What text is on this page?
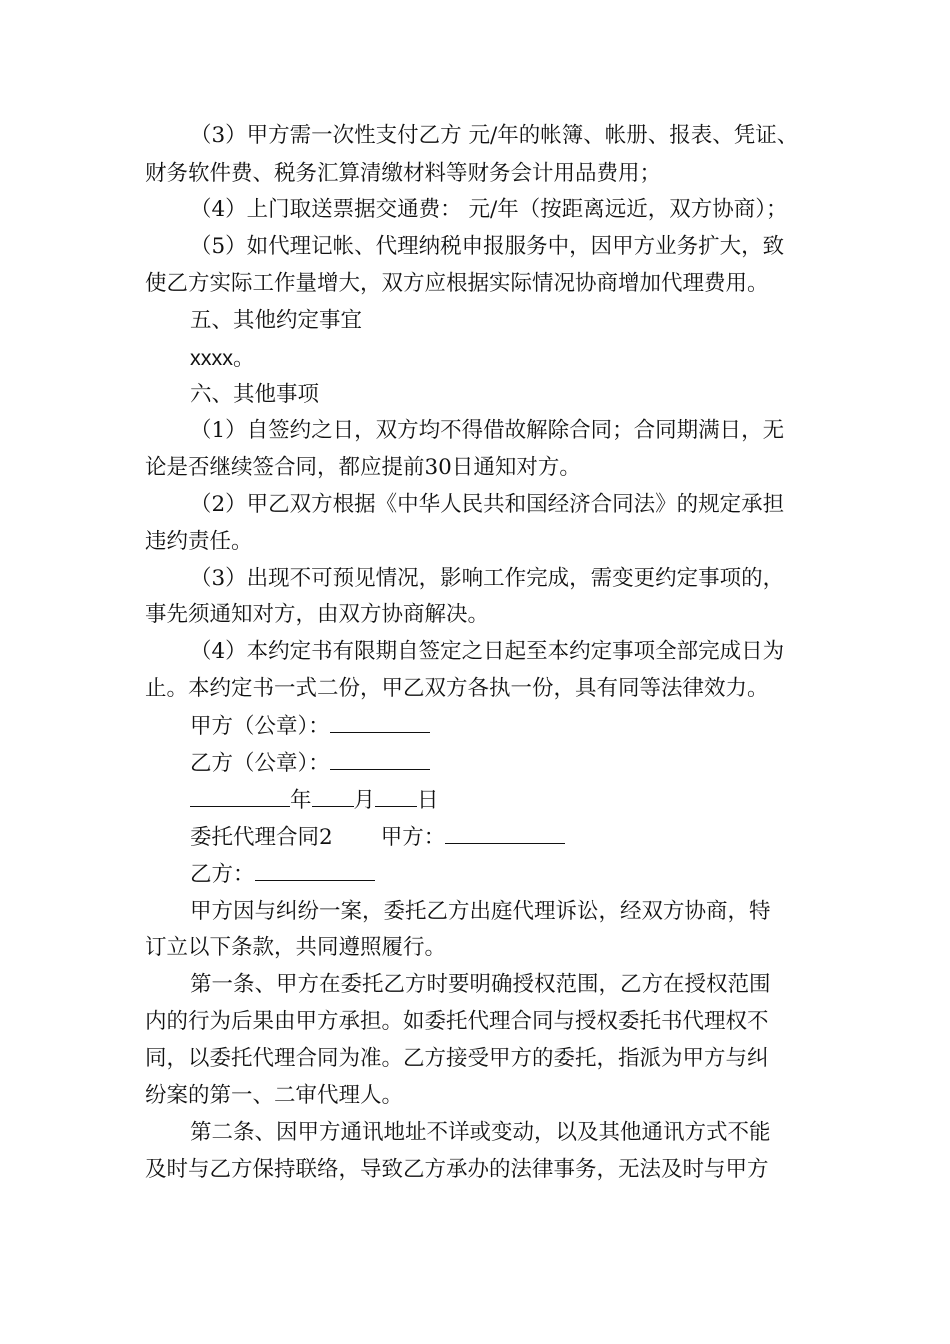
（3）甲方需一次性支付乙方 元/年的帐簿、帐册、报表、凭证、
财务软件费、税务汇算清缴材料等财务会计用品费用；
（4）上门取送票据交通费： 元/年（按距离远近，双方协商）；
（5）如代理记帐、代理纳税申报服务中，因甲方业务扩大，致
使乙方实际工作量增大，双方应根据实际情况协商增加代理费用。
五、其他约定事宜
xxxx。
六、其他事项
（1）自签约之日，双方均不得借故解除合同；合同期满日，无
论是否继续签合同，都应提前30日通知对方。
（2）甲乙双方根据《中华人民共和国经济合同法》的规定承担
违约责任。
（3）出现不可预见情况，影响工作完成，需变更约定事项的，
事先须通知对方，由双方协商解决。
（4）本约定书有限期自签定之日起至本约定事项全部完成日为
止。本约定书一式二份，甲乙双方各执一份，具有同等法律效力。
甲方（公章）：
乙方（公章）：
年 月 日
委托代理合同2 甲方：
乙方：
甲方因与纠纷一案，委托乙方出庭代理诉讼，经双方协商，特
订立以下条款，共同遵照履行。
第一条、甲方在委托乙方时要明确授权范围，乙方在授权范围
内的行为后果由甲方承担。如委托代理合同与授权委托书代理权不
同，以委托代理合同为准。乙方接受甲方的委托，指派为甲方与纠
纷案的第一、二审代理人。
第二条、因甲方通讯地址不详或变动，以及其他通讯方式不能
及时与乙方保持联络，导致乙方承办的法律事务，无法及时与甲方
